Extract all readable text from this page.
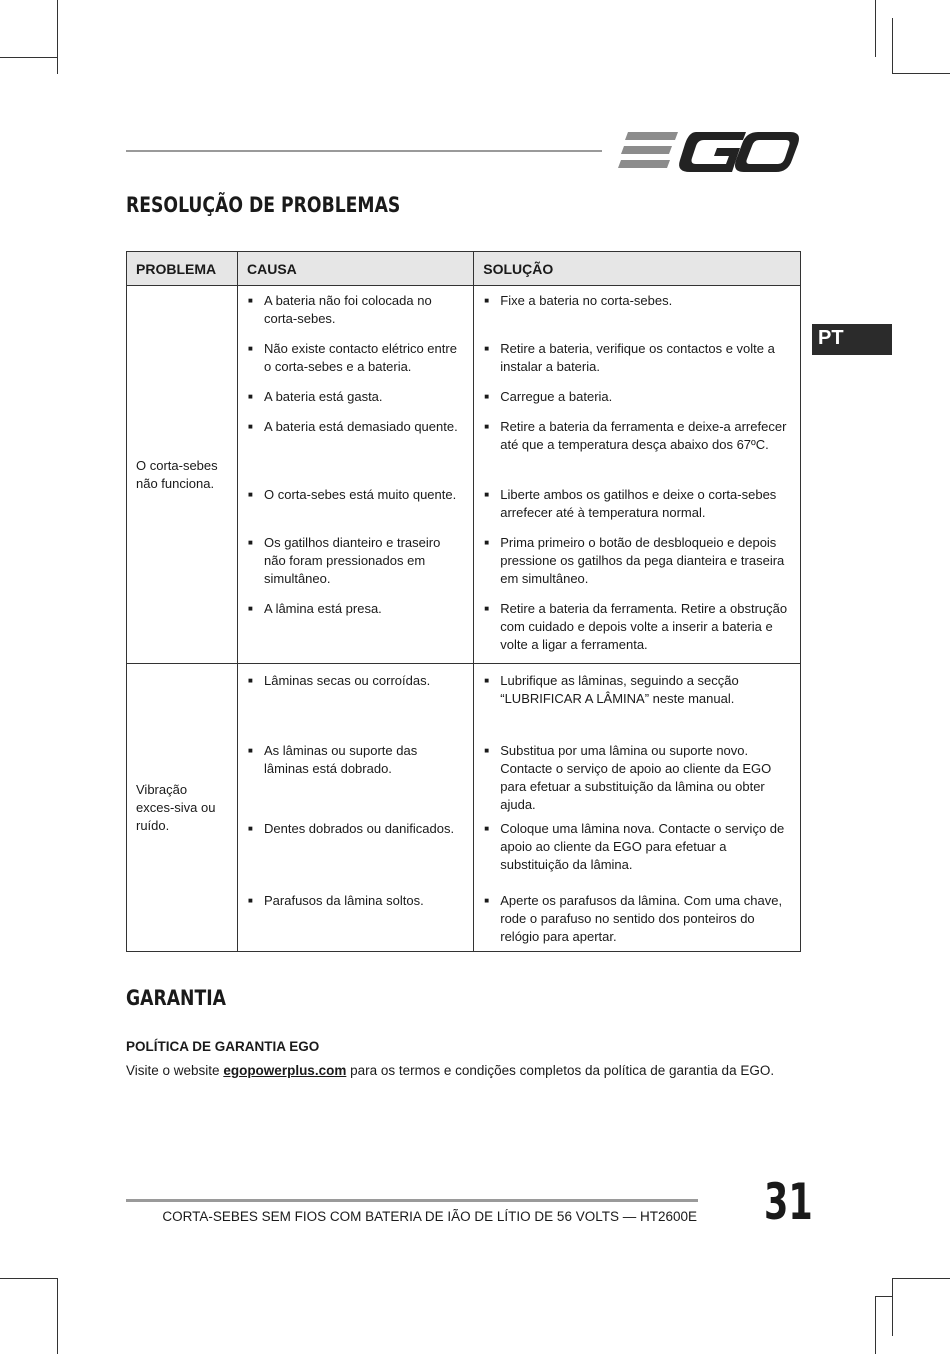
EGO
RESOLUÇÃO DE PROBLEMAS
PT
PROBLEMA	CAUSA	SOLUÇÃO
O corta-sebes não funciona.	■ A bateria não foi colocada no corta-sebes.	■ Fixe a bateria no corta-sebes.

	■ Não existe contacto elétrico entre o corta-sebes e a bateria.	■ Retire a bateria, verifique os contactos e volte a instalar a bateria.

	■ A bateria está gasta.	■ Carregue a bateria.

	■ A bateria está demasiado quente.	■ Retire a bateria da ferramenta e deixe-a arrefecer até que a temperatura desça abaixo dos 67ºC.

	■ O corta-sebes está muito quente.	■ Liberte ambos os gatilhos e deixe o corta-sebes arrefecer até à temperatura normal.

	■ Os gatilhos dianteiro e traseiro não foram pressionados em simultâneo.	■ Prima primeiro o botão de desbloqueio e depois pressione os gatilhos da pega dianteira e traseira em simultâneo.

	■ A lâmina está presa.	■ Retire a bateria da ferramenta. Retire a obstrução com cuidado e depois volte a inserir a bateria e volte a ligar a ferramenta.

Vibração exces-siva ou ruído.	■ Lâminas secas ou corroídas.	■ Lubrifique as lâminas, seguindo a secção “LUBRIFICAR A LÂMINA” neste manual.

	■ As lâminas ou suporte das lâminas está dobrado.	■ Substitua por uma lâmina ou suporte novo. Contacte o serviço de apoio ao cliente da EGO para efetuar a substituição da lâmina ou obter ajuda.

	■ Dentes dobrados ou danificados.	■ Coloque uma lâmina nova. Contacte o serviço de apoio ao cliente da EGO para efetuar a substituição da lâmina.

	■ Parafusos da lâmina soltos.	■ Aperte os parafusos da lâmina. Com uma chave, rode o parafuso no sentido dos ponteiros do relógio para apertar.
GARANTIA
POLÍTICA DE GARANTIA EGO
Visite o website egopowerplus.com para os termos e condições completos da política de garantia da EGO.
CORTA-SEBES SEM FIOS COM BATERIA DE IÃO DE LÍTIO DE 56 VOLTS — HT2600E 31
